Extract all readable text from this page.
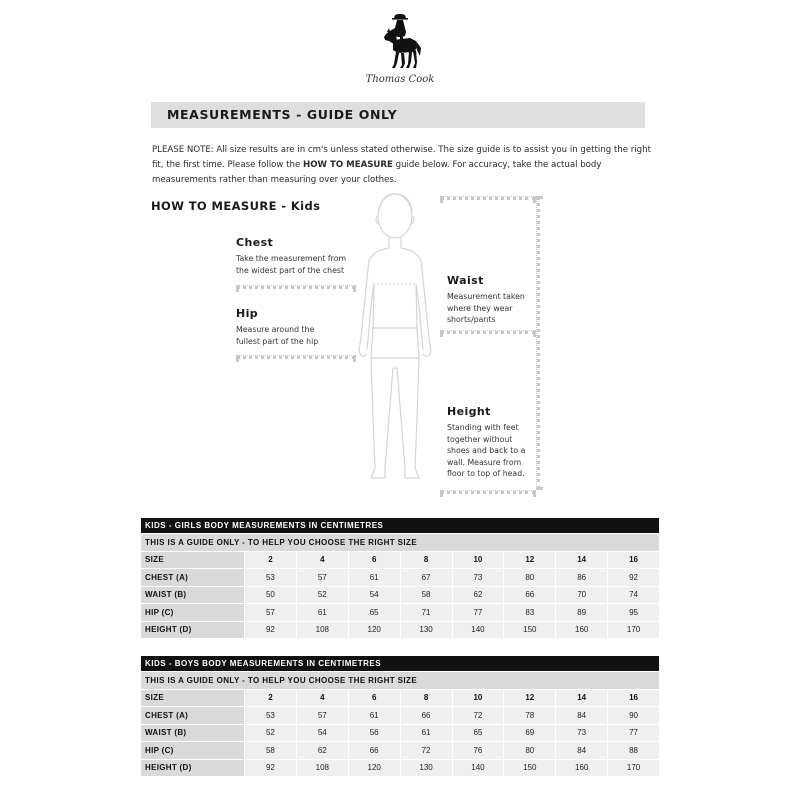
Thomas Cook
MEASUREMENTS - GUIDE ONLY
PLEASE NOTE: All size results are in cm's unless stated otherwise. The size guide is to assist you in getting the right fit, the first time. Please follow the HOW TO MEASURE guide below. For accuracy, take the actual body measurements rather than measuring over your clothes.
HOW TO MEASURE - Kids
Chest
Take the measurement from
the widest part of the chest
Hip
Measure around the
fullest part of the hip
Waist
Measurement taken
where they wear
shorts/pants
Height
Standing with feet
together without
shoes and back to a
wall. Measure from
floor to top of head.
KIDS - GIRLS BODY MEASUREMENTS IN CENTIMETRES								
THIS IS A GUIDE ONLY - TO HELP YOU CHOOSE THE RIGHT SIZE								
SIZE	2	4	6	8	10	12	14	16
CHEST (A)	53	57	61	67	73	80	86	92
WAIST (B)	50	52	54	58	62	66	70	74
HIP (C)	57	61	65	71	77	83	89	95
HEIGHT (D)	92	108	120	130	140	150	160	170
KIDS - BOYS BODY MEASUREMENTS IN CENTIMETRES								
THIS IS A GUIDE ONLY - TO HELP YOU CHOOSE THE RIGHT SIZE								
SIZE	2	4	6	8	10	12	14	16
CHEST (A)	53	57	61	66	72	78	84	90
WAIST (B)	52	54	56	61	65	69	73	77
HIP (C)	58	62	66	72	76	80	84	88
HEIGHT (D)	92	108	120	130	140	150	160	170
